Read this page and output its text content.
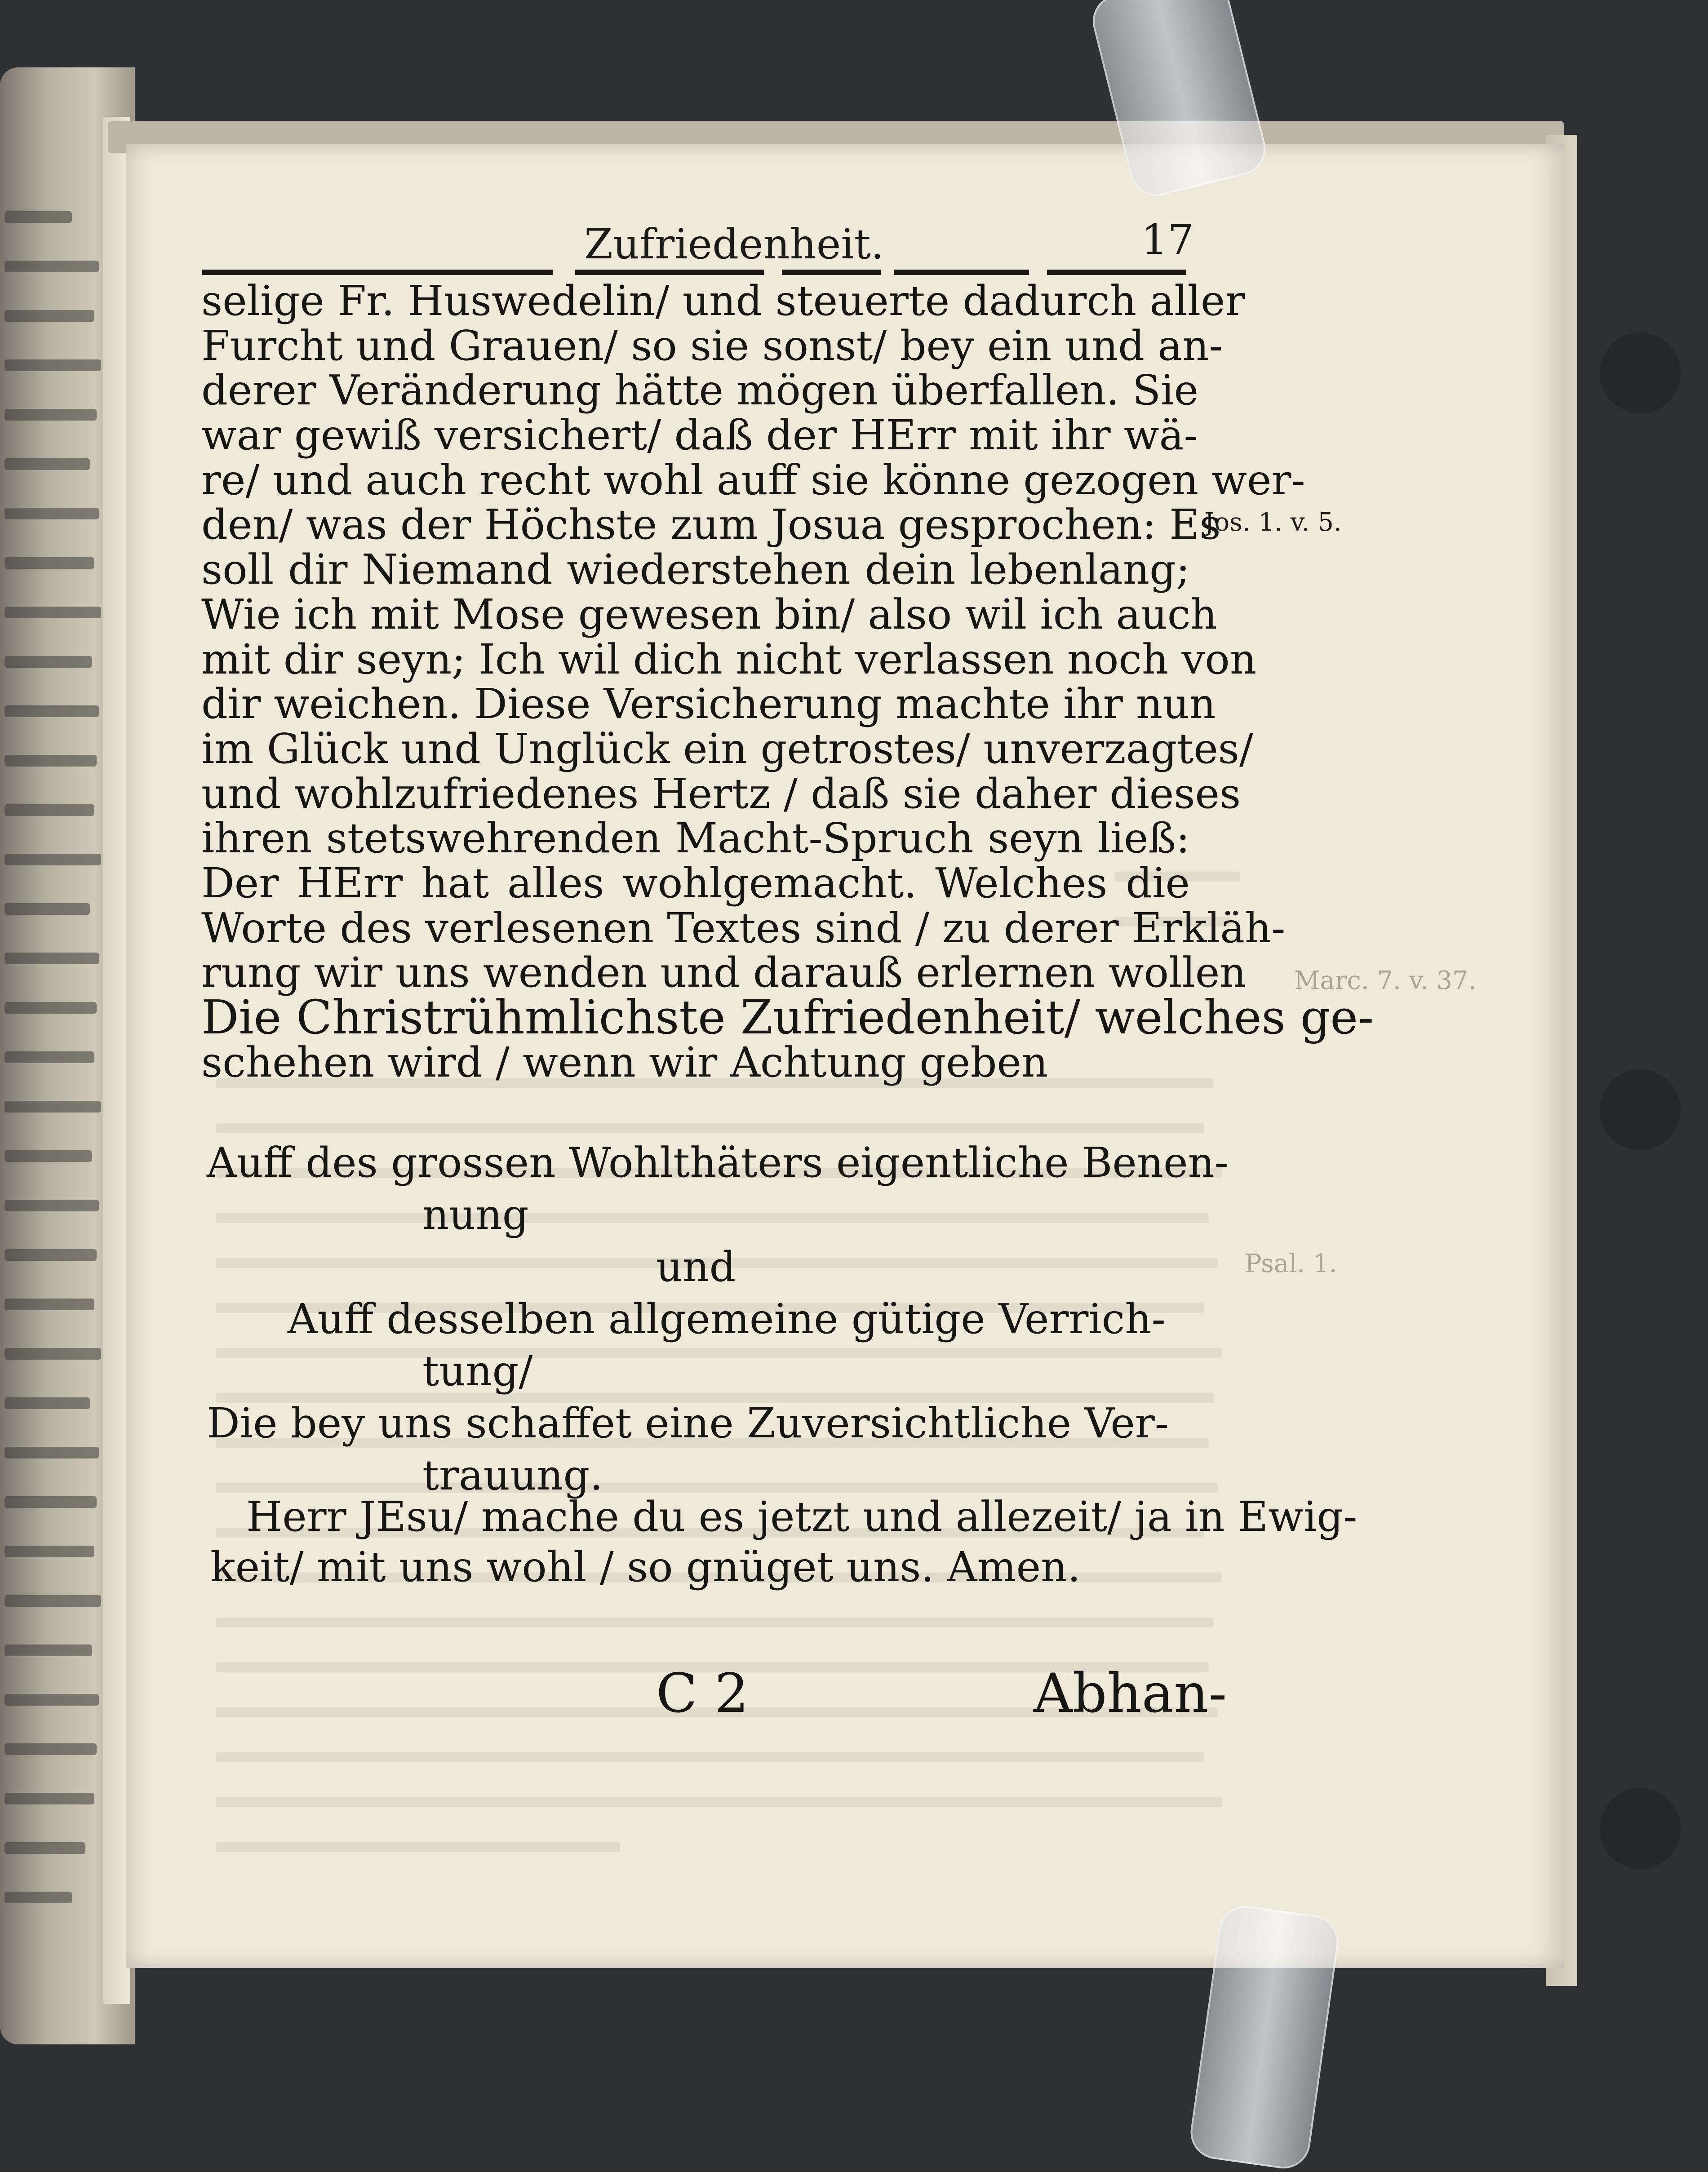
Zufriedenheit.	17
selige Fr. Huswedelin/ und steuerte dadurch aller
Furcht und Grauen/ so sie sonst/ bey ein und an-
derer Veränderung hätte mögen überfallen. Sie
war gewiß versichert/ daß der HErr mit ihr wä-
re/ und auch recht wohl auff sie könne gezogen wer-
den/ was der Höchste zum Josua gesprochen: Es
soll dir Niemand wiederstehen dein lebenlang;
Wie ich mit Mose gewesen bin/ also wil ich auch
mit dir seyn; Ich wil dich nicht verlassen noch von
dir weichen. Diese Versicherung machte ihr nun
im Glück und Unglück ein getrostes/ unverzagtes/
und wohlzufriedenes Hertz / daß sie daher dieses
ihren stetswehrenden Macht-Spruch seyn ließ:
Der HErr hat alles wohlgemacht. Welches die
Worte des verlesenen Textes sind / zu derer Erkläh-
rung wir uns wenden und darauß erlernen wollen
Die Christrühmlichste Zufriedenheit/ welches ge-
schehen wird / wenn wir Achtung geben
Jos. 1. v. 5.
Marc. 7. v. 37.
Psal. 1.
Auff des grossen Wohlthäters eigentliche Benen-
nung
und
Auff desselben allgemeine gütige Verrich-
tung/
Die bey uns schaffet eine Zuversichtliche Ver-
trauung.
Herr JEsu/ mache du es jetzt und allezeit/ ja in Ewig-
keit/ mit uns wohl / so gnüget uns. Amen.
C 2	Abhan-
